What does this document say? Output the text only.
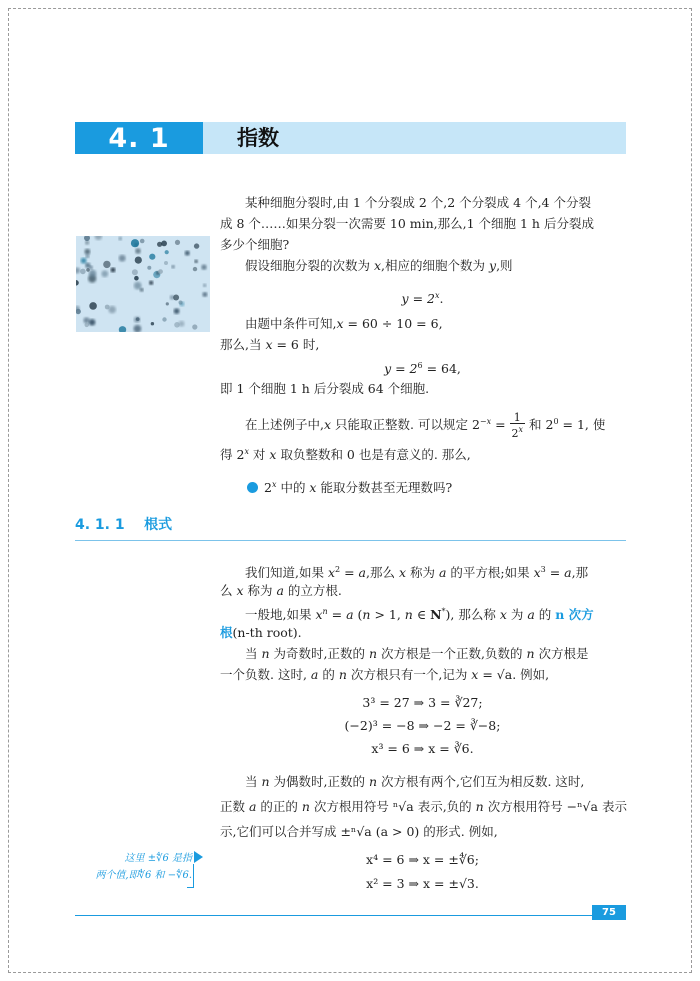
4. 1	指数
某种细胞分裂时,由 1 个分裂成 2 个,2 个分裂成 4 个,4 个分裂
成 8 个……如果分裂一次需要 10 min,那么,1 个细胞 1 h 后分裂成
多少个细胞?
假设细胞分裂的次数为 x,相应的细胞个数为 y,则
$y = 2^x$.
由题中条件可知,x = 60 ÷ 10 = 6,
那么,当 x = 6 时,
$y = 2^6 = 64$,
即 1 个细胞 1 h 后分裂成 64 个细胞.
在上述例子中,x 只能取正整数. 可以规定 $2^{-x} = \frac{1}{2^x}$ 和 $2^0 = 1$, 使
得 2$^x$ 对 x 取负整数和 0 也是有意义的. 那么,
2$^x$ 中的 x 能取分数甚至无理数吗?
4. 1. 1 根式
我们知道,如果 $x^2 = a$,那么 x 称为 a 的平方根;如果 $x^3 = a$,那
么 x 称为 a 的立方根.
一般地,如果 $x^n = a$ (n > 1, n ∈ N*), 那么称 x 为 a 的 n 次方
根(n-th root).
当 n 为奇数时,正数的 n 次方根是一个正数,负数的 n 次方根是
一个负数. 这时, a 的 n 次方根只有一个,记为 x = √a. 例如,
3³ = 27 ⇒ 3 = ∛27;
(−2)³ = −8 ⇒ −2 = ∛−8;
x³ = 6 ⇒ x = ∛6.
当 n 为偶数时,正数的 n 次方根有两个,它们互为相反数. 这时,
正数 a 的正的 n 次方根用符号 ⁿ√a 表示,负的 n 次方根用符号 −ⁿ√a 表示
示,它们可以合并写成 ±ⁿ√a (a > 0) 的形式. 例如,
x⁴ = 6 ⇒ x = ±∜6;
x² = 3 ⇒ x = ±√3.
这里 ±∜6 是指
两个值,即∜6 和 −∜6.
75
